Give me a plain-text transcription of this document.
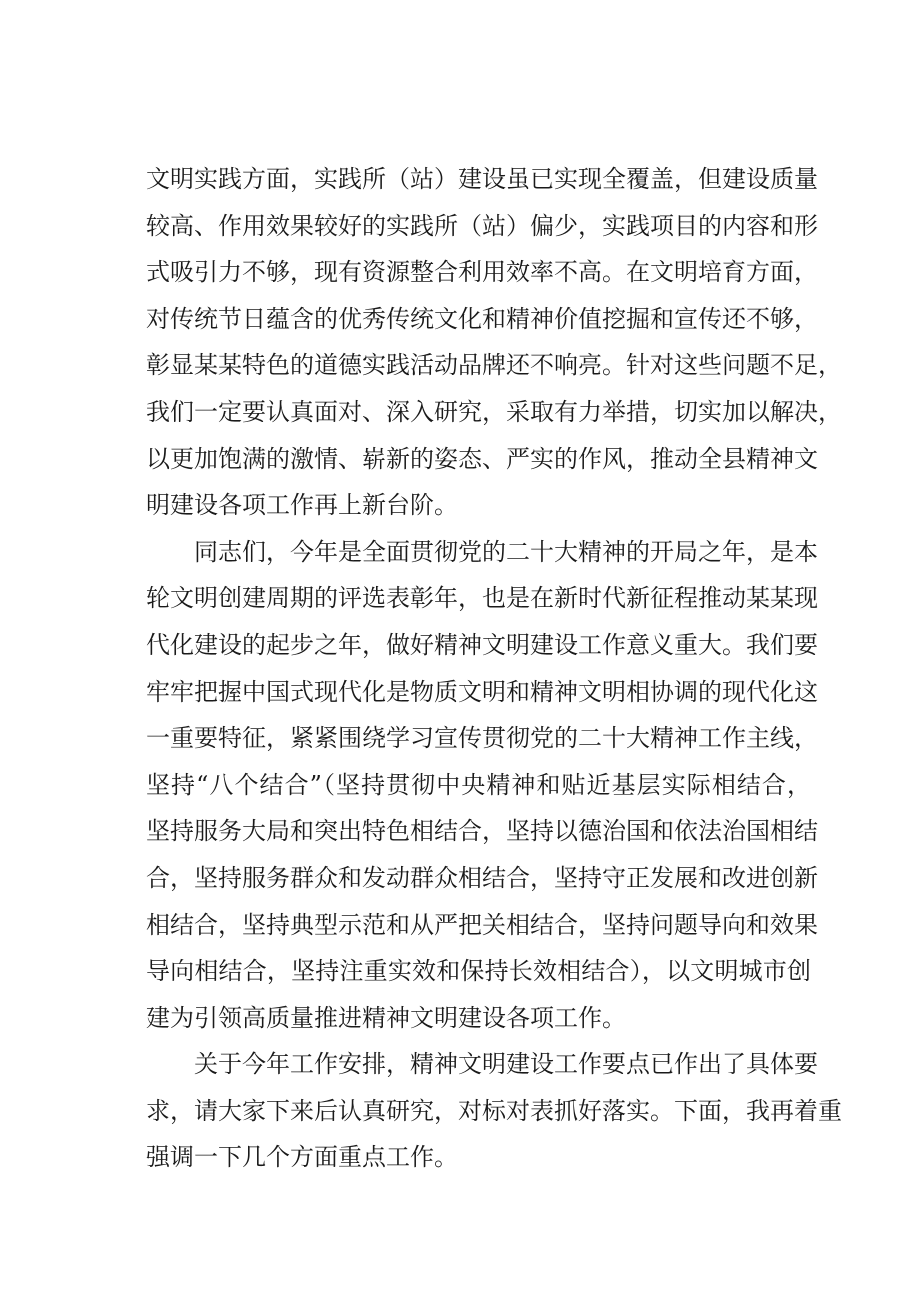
文明实践方面，实践所（站）建设虽已实现全覆盖，但建设质量
较高、作用效果较好的实践所（站）偏少，实践项目的内容和形
式吸引力不够，现有资源整合利用效率不高。在文明培育方面，
对传统节日蕴含的优秀传统文化和精神价值挖掘和宣传还不够，
彰显某某特色的道德实践活动品牌还不响亮。针对这些问题不足，
我们一定要认真面对、深入研究，采取有力举措，切实加以解决，
以更加饱满的激情、崭新的姿态、严实的作风，推动全县精神文
明建设各项工作再上新台阶。
同志们，今年是全面贯彻党的二十大精神的开局之年，是本
轮文明创建周期的评选表彰年，也是在新时代新征程推动某某现
代化建设的起步之年，做好精神文明建设工作意义重大。我们要
牢牢把握中国式现代化是物质文明和精神文明相协调的现代化这
一重要特征，紧紧围绕学习宣传贯彻党的二十大精神工作主线，
坚持“八个结合”（坚持贯彻中央精神和贴近基层实际相结合，
坚持服务大局和突出特色相结合，坚持以德治国和依法治国相结
合，坚持服务群众和发动群众相结合，坚持守正发展和改进创新
相结合，坚持典型示范和从严把关相结合，坚持问题导向和效果
导向相结合，坚持注重实效和保持长效相结合），以文明城市创
建为引领高质量推进精神文明建设各项工作。
关于今年工作安排，精神文明建设工作要点已作出了具体要
求，请大家下来后认真研究，对标对表抓好落实。下面，我再着重
强调一下几个方面重点工作。
